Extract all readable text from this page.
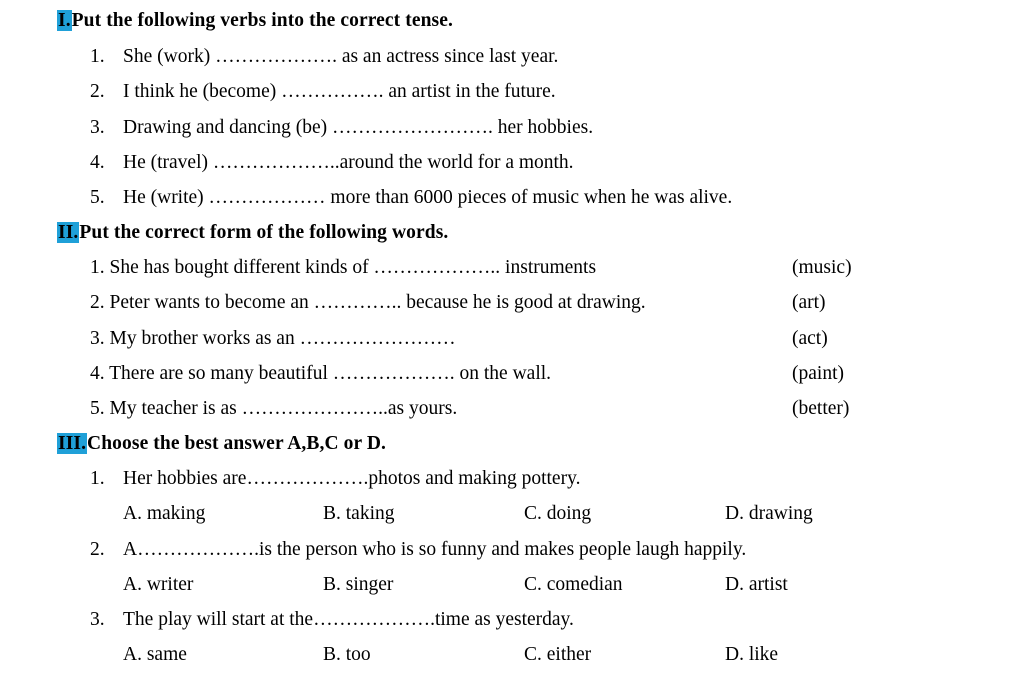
I.Put the following verbs into the correct tense.
1. She (work) ………………. as an actress since last year.
2. I think he (become) ……………. an artist in the future.
3. Drawing and dancing (be) ……………………. her hobbies.
4. He (travel) ………………..around the world for a month.
5. He (write) ……………… more than 6000 pieces of music when he was alive.
II.Put the correct form of the following words.
1. She has bought different kinds of ……………….. instruments	(music)
2. Peter wants to become an ………….. because he is good at drawing.	(art)
3. My brother works as an ……………………	(act)
4. There are so many beautiful ………………. on the wall.	(paint)
5. My teacher is as …………………..as yours.	(better)
III.Choose the best answer A,B,C or D.
1. Her hobbies are……………….photos and making pottery.
A. making	B. taking	C. doing	D. drawing
2. A……………….is the person who is so funny and makes people laugh happily.
A. writer	B. singer	C. comedian	D. artist
3. The play will start at the……………….time as yesterday.
A. same	B. too	C. either	D. like
